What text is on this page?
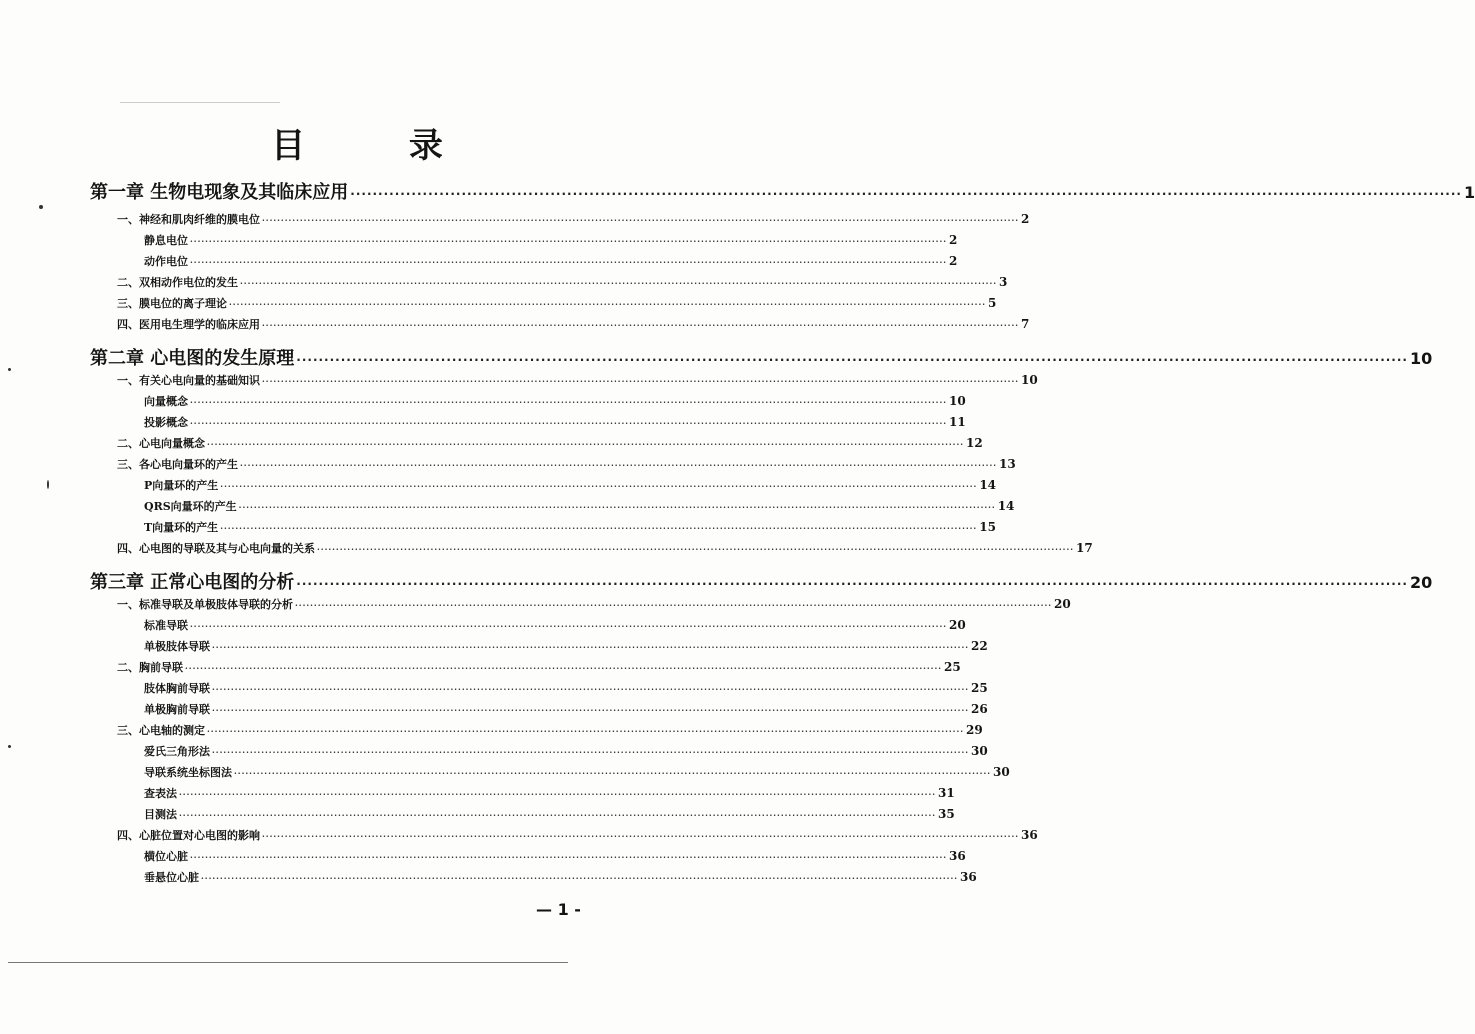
目 录
第一章 生物电现象及其临床应用 ········································································································································································································ 1
一、神经和肌肉纤维的膜电位 ········································································································································································································ 2
静息电位 ········································································································································································································ 2
动作电位 ········································································································································································································ 2
二、双相动作电位的发生 ········································································································································································································ 3
三、膜电位的离子理论 ········································································································································································································ 5
四、医用电生理学的临床应用 ········································································································································································································ 7
第二章 心电图的发生原理 ········································································································································································································ 10
一、有关心电向量的基础知识 ········································································································································································································ 10
向量概念 ········································································································································································································ 10
投影概念 ········································································································································································································ 11
二、心电向量概念 ········································································································································································································ 12
三、各心电向量环的产生 ········································································································································································································ 13
P向量环的产生 ········································································································································································································ 14
QRS向量环的产生 ········································································································································································································ 14
T向量环的产生 ········································································································································································································ 15
四、心电图的导联及其与心电向量的关系 ········································································································································································································ 17
第三章 正常心电图的分析 ········································································································································································································ 20
一、标准导联及单极肢体导联的分析 ········································································································································································································ 20
标准导联 ········································································································································································································ 20
单极肢体导联 ········································································································································································································ 22
二、胸前导联 ········································································································································································································ 25
肢体胸前导联 ········································································································································································································ 25
单极胸前导联 ········································································································································································································ 26
三、心电轴的测定 ········································································································································································································ 29
爱氏三角形法 ········································································································································································································ 30
导联系统坐标图法 ········································································································································································································ 30
查表法 ········································································································································································································ 31
目测法 ········································································································································································································ 35
四、心脏位置对心电图的影响 ········································································································································································································ 36
横位心脏 ········································································································································································································ 36
垂悬位心脏 ········································································································································································································ 36
— 1 -
